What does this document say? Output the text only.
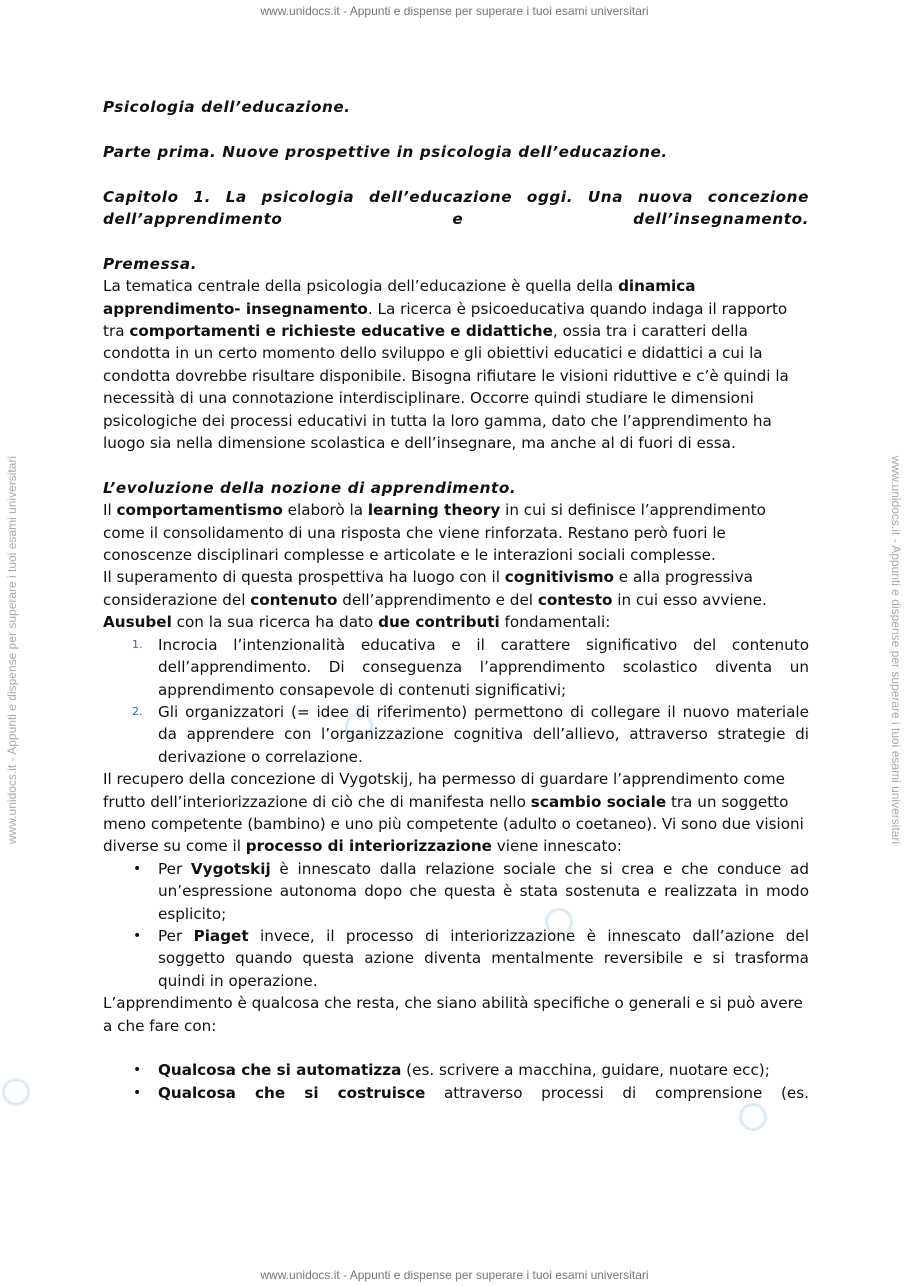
www.unidocs.it - Appunti e dispense per superare i tuoi esami universitari
www.unidocs.it - Appunti e dispense per superare i tuoi esami universitari
www.unidocs.it - Appunti e dispense per superare i tuoi esami universitari	www.unidocs.it - Appunti e dispense per superare i tuoi esami universitari

Psicologia dell’educazione.

Parte prima. Nuove prospettive in psicologia dell’educazione.

Capitolo 1. La psicologia dell’educazione oggi. Una nuova concezione dell’apprendimento e dell’insegnamento.

Premessa.

La tematica centrale della psicologia dell’educazione è quella della dinamica apprendimento- insegnamento. La ricerca è psicoeducativa quando indaga il rapporto tra comportamenti e richieste educative e didattiche, ossia tra i caratteri della condotta in un certo momento dello sviluppo e gli obiettivi educatici e didattici a cui la condotta dovrebbe risultare disponibile. Bisogna rifiutare le visioni riduttive e c’è quindi la necessità di una connotazione interdisciplinare. Occorre quindi studiare le dimensioni psicologiche dei processi educativi in tutta la loro gamma, dato che l’apprendimento ha luogo sia nella dimensione scolastica e dell’insegnare, ma anche al di fuori di essa.

L’evoluzione della nozione di apprendimento.

Il comportamentismo elaborò la learning theory in cui si definisce l’apprendimento come il consolidamento di una risposta che viene rinforzata. Restano però fuori le conoscenze disciplinari complesse e articolate e le interazioni sociali complesse.

Il superamento di questa prospettiva ha luogo con il cognitivismo e alla progressiva considerazione del contenuto dell’apprendimento e del contesto in cui esso avviene.

Ausubel con la sua ricerca ha dato due contributi fondamentali:

1. Incrocia l’intenzionalità educativa e il carattere significativo del contenuto dell’apprendimento. Di conseguenza l’apprendimento scolastico diventa un apprendimento consapevole di contenuti significativi;
2. Gli organizzatori (= idee di riferimento) permettono di collegare il nuovo materiale da apprendere con l’organizzazione cognitiva dell’allievo, attraverso strategie di derivazione o correlazione.

Il recupero della concezione di Vygotskij, ha permesso di guardare l’apprendimento come frutto dell’interiorizzazione di ciò che di manifesta nello scambio sociale tra un soggetto meno competente (bambino) e uno più competente (adulto o coetaneo). Vi sono due visioni diverse su come il processo di interiorizzazione viene innescato:

• Per Vygotskij è innescato dalla relazione sociale che si crea e che conduce ad un’espressione autonoma dopo che questa è stata sostenuta e realizzata in modo esplicito;
• Per Piaget invece, il processo di interiorizzazione è innescato dall’azione del soggetto quando questa azione diventa mentalmente reversibile e si trasforma quindi in operazione.

L’apprendimento è qualcosa che resta, che siano abilità specifiche o generali e si può avere a che fare con:

• Qualcosa che si automatizza (es. scrivere a macchina, guidare, nuotare ecc);
• Qualcosa che si costruisce attraverso processi di comprensione (es.
